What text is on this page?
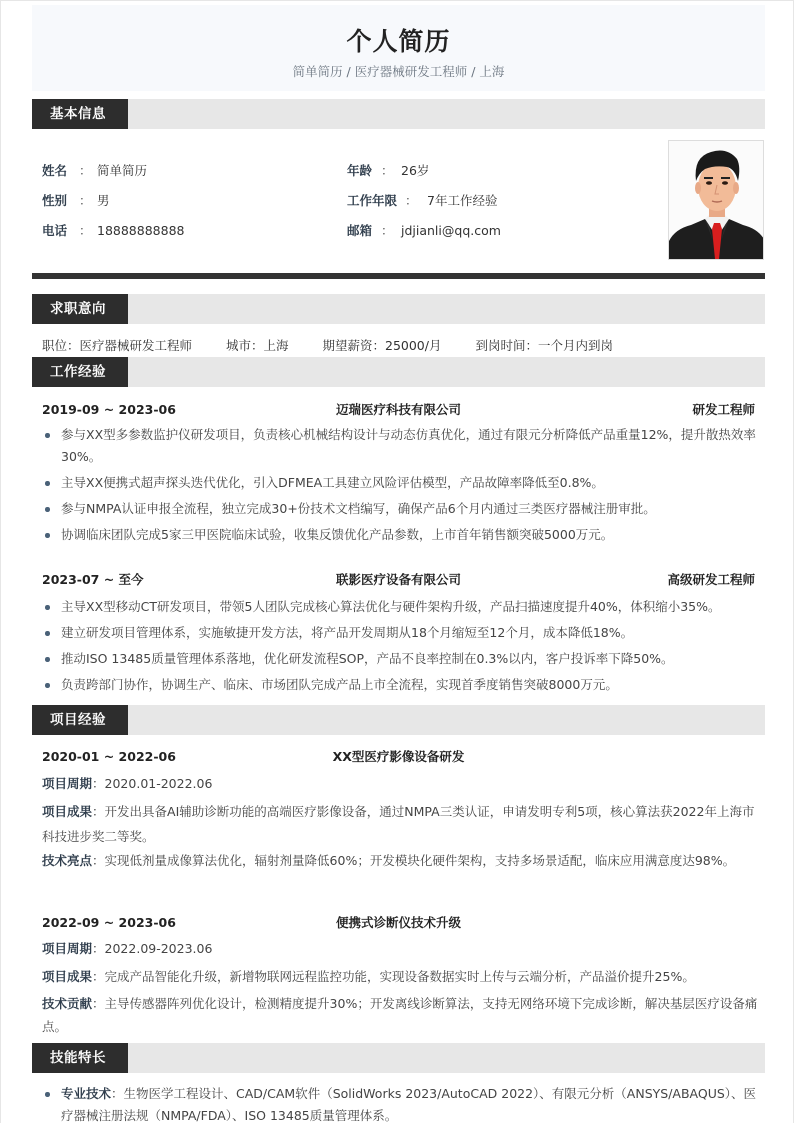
个人简历
简单简历 / 医疗器械研发工程师 / 上海
基本信息
姓名 ： 简单简历
性别 ： 男
电话 ： 18888888888
年龄 ： 26岁
工作年限 ： 7年工作经验
邮箱 ： jdjianli@qq.com
求职意向
职位：医疗器械研发工程师	城市：上海	期望薪资：25000/月	到岗时间：一个月内到岗
工作经验
迈瑞医疗科技有限公司
2019-09 ~ 2023-06	研发工程师
参与XX型多参数监护仪研发项目，负责核心机械结构设计与动态仿真优化，通过有限元分析降低产品重量12%，提升散热效率30%。
主导XX便携式超声探头迭代优化，引入DFMEA工具建立风险评估模型，产品故障率降低至0.8%。
参与NMPA认证申报全流程，独立完成30+份技术文档编写，确保产品6个月内通过三类医疗器械注册审批。
协调临床团队完成5家三甲医院临床试验，收集反馈优化产品参数，上市首年销售额突破5000万元。
联影医疗设备有限公司
2023-07 ~ 至今	高级研发工程师
主导XX型移动CT研发项目，带领5人团队完成核心算法优化与硬件架构升级，产品扫描速度提升40%，体积缩小35%。
建立研发项目管理体系，实施敏捷开发方法，将产品开发周期从18个月缩短至12个月，成本降低18%。
推动ISO 13485质量管理体系落地，优化研发流程SOP，产品不良率控制在0.3%以内，客户投诉率下降50%。
负责跨部门协作，协调生产、临床、市场团队完成产品上市全流程，实现首季度销售突破8000万元。
项目经验
XX型医疗影像设备研发
2020-01 ~ 2022-06
项目周期：2020.01-2022.06
项目成果：开发出具备AI辅助诊断功能的高端医疗影像设备，通过NMPA三类认证，申请发明专利5项，核心算法获2022年上海市科技进步奖二等奖。
技术亮点：实现低剂量成像算法优化，辐射剂量降低60%；开发模块化硬件架构，支持多场景适配，临床应用满意度达98%。
便携式诊断仪技术升级
2022-09 ~ 2023-06
项目周期：2022.09-2023.06
项目成果：完成产品智能化升级，新增物联网远程监控功能，实现设备数据实时上传与云端分析，产品溢价提升25%。
技术贡献：主导传感器阵列优化设计，检测精度提升30%；开发离线诊断算法，支持无网络环境下完成诊断，解决基层医疗设备痛点。
技能特长
专业技术：生物医学工程设计、CAD/CAM软件（SolidWorks 2023/AutoCAD 2022）、有限元分析（ANSYS/ABAQUS）、医疗器械注册法规（NMPA/FDA）、ISO 13485质量管理体系。
